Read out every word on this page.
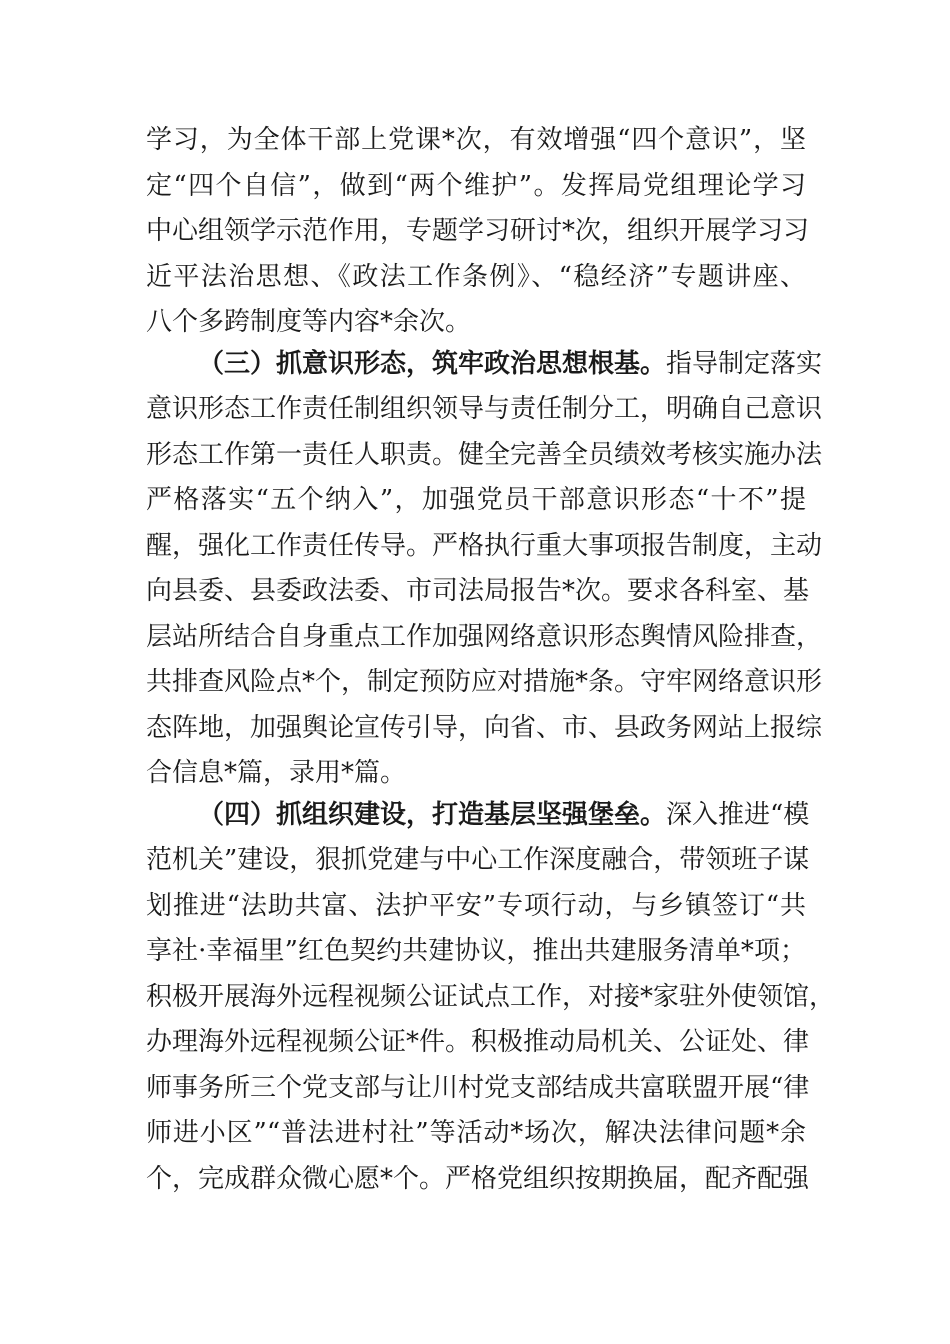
学习，为全体干部上党课*次，有效增强“四个意识”，坚
定“四个自信”，做到“两个维护”。发挥局党组理论学习
中心组领学示范作用，专题学习研讨*次，组织开展学习习
近平法治思想、《政法工作条例》、“稳经济”专题讲座、
八个多跨制度等内容*余次。
（三）抓意识形态，筑牢政治思想根基。指导制定落实
意识形态工作责任制组织领导与责任制分工，明确自己意识
形态工作第一责任人职责。健全完善全员绩效考核实施办法
严格落实“五个纳入”，加强党员干部意识形态“十不”提
醒，强化工作责任传导。严格执行重大事项报告制度，主动
向县委、县委政法委、市司法局报告*次。要求各科室、基
层站所结合自身重点工作加强网络意识形态舆情风险排查，
共排查风险点*个，制定预防应对措施*条。守牢网络意识形
态阵地，加强舆论宣传引导，向省、市、县政务网站上报综
合信息*篇，录用*篇。
（四）抓组织建设，打造基层坚强堡垒。深入推进“模
范机关”建设，狠抓党建与中心工作深度融合，带领班子谋
划推进“法助共富、法护平安”专项行动，与乡镇签订“共
享社·幸福里”红色契约共建协议，推出共建服务清单*项；
积极开展海外远程视频公证试点工作，对接*家驻外使领馆，
办理海外远程视频公证*件。积极推动局机关、公证处、律
师事务所三个党支部与让川村党支部结成共富联盟开展“律
师进小区”“普法进村社”等活动*场次，解决法律问题*余
个，完成群众微心愿*个。严格党组织按期换届，配齐配强
